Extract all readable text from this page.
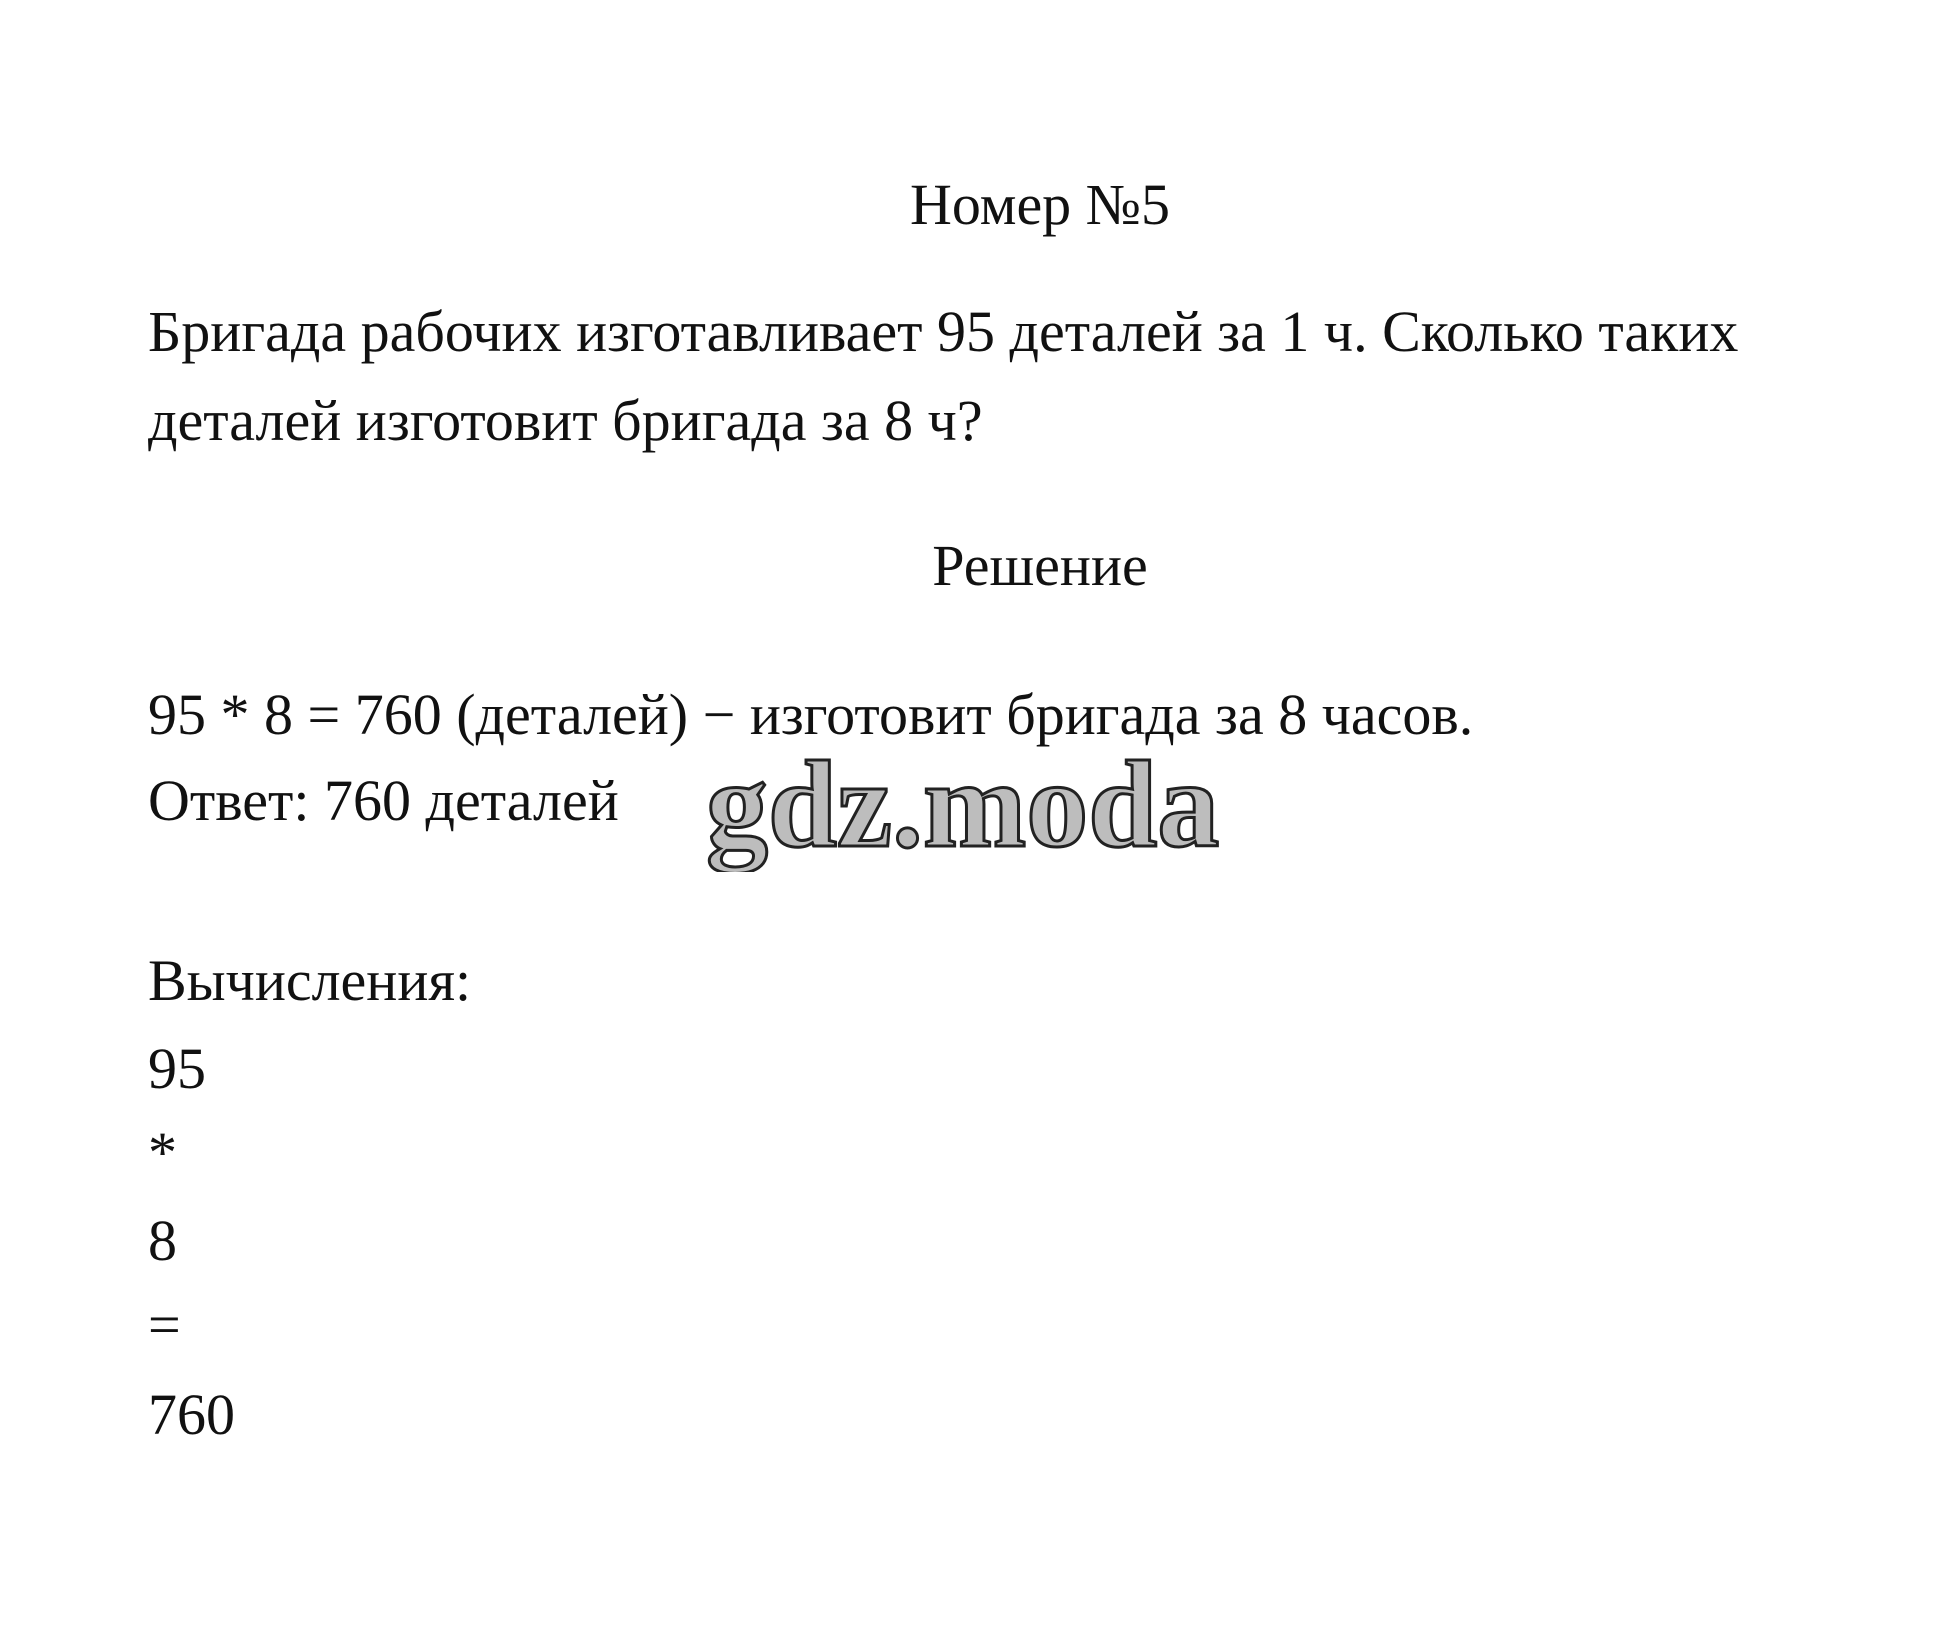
Номер №5
Бригада рабочих изготавливает 95 деталей за 1 ч. Сколько таких
деталей изготовит бригада за 8 ч?
Решение
95 * 8 = 760 (деталей) − изготовит бригада за 8 часов.
Ответ: 760 деталей gdz.moda
Вычисления:
95
*
8
=
760
